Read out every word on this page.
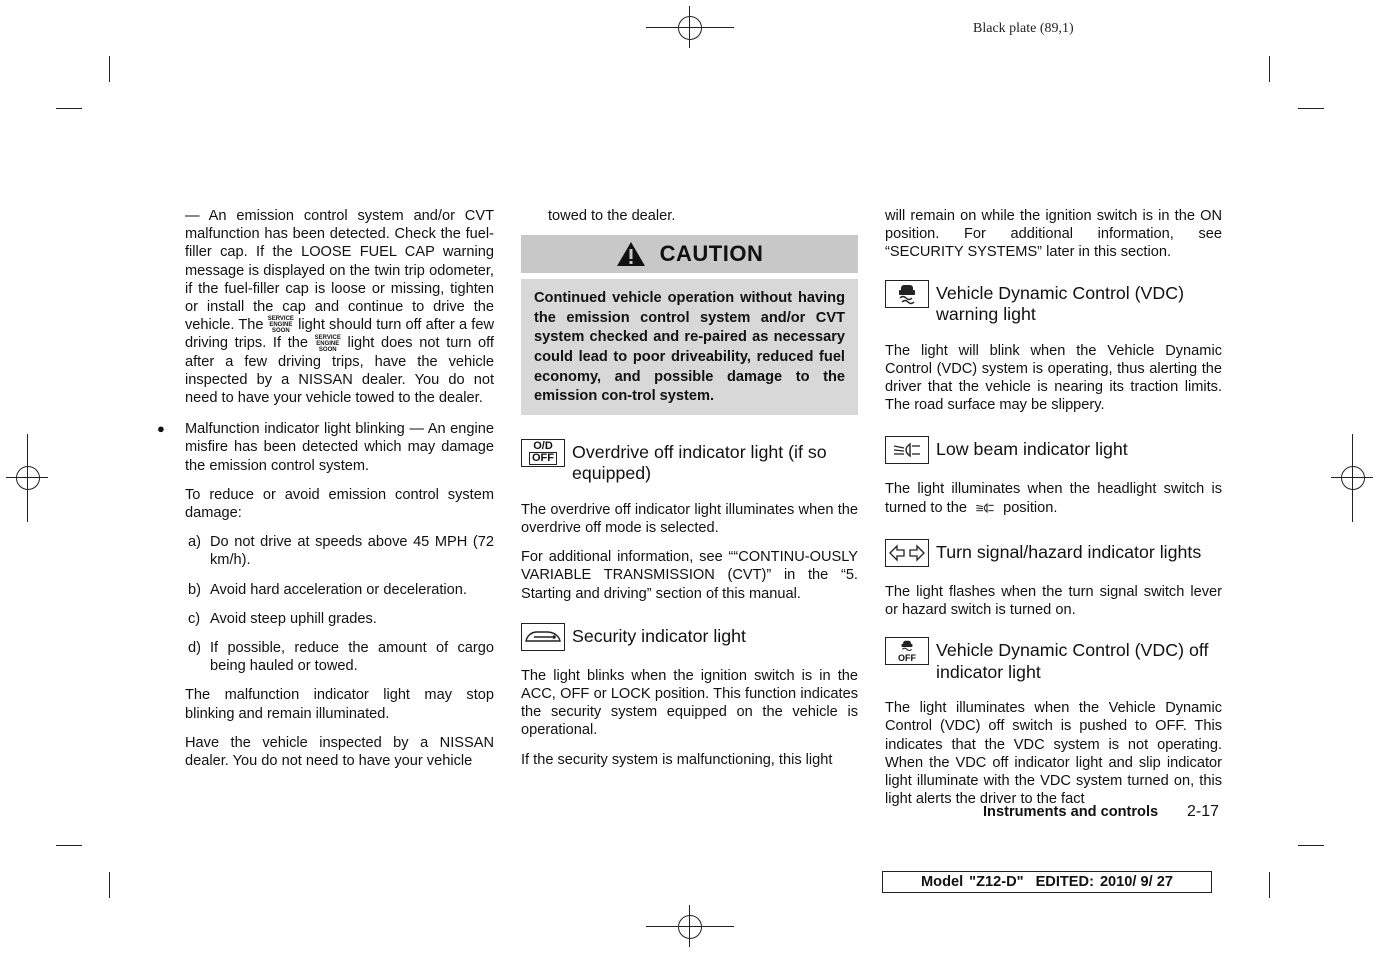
Black plate (89,1)

— An emission control system and/or CVT malfunction has been detected. Check the fuel-filler cap. If the LOOSE FUEL CAP warning message is displayed on the twin trip odometer, if the fuel-filler cap is loose or missing, tighten or install the cap and continue to drive the vehicle. The SERVICE
ENGINE
SOON light should turn off after a few driving trips. If the SERVICE
ENGINE
SOON light does not turn off after a few driving trips, have the vehicle inspected by a NISSAN dealer. You do not need to have your vehicle towed to the dealer.

● Malfunction indicator light blinking — An engine misfire has been detected which may damage the emission control system.

To reduce or avoid emission control system damage:

a) Do not drive at speeds above 45 MPH (72 km/h).
b) Avoid hard acceleration or deceleration.
c) Avoid steep uphill grades.
d) If possible, reduce the amount of cargo being hauled or towed.

The malfunction indicator light may stop blinking and remain illuminated.

Have the vehicle inspected by a NISSAN dealer. You do not need to have your vehicle

towed to the dealer.

CAUTION
Continued vehicle operation without having the emission control system and/or CVT system checked and re-paired as necessary could lead to poor driveability, reduced fuel economy, and possible damage to the emission con-trol system.
O/D
OFF Overdrive off indicator light (if so equipped)

The overdrive off indicator light illuminates when the overdrive off mode is selected.

For additional information, see ““CONTINU-OUSLY VARIABLE TRANSMISSION (CVT)” in the “5. Starting and driving” section of this manual.

Security indicator light

The light blinks when the ignition switch is in the ACC, OFF or LOCK position. This function indicates the security system equipped on the vehicle is operational.

If the security system is malfunctioning, this light

will remain on while the ignition switch is in the ON position. For additional information, see “SECURITY SYSTEMS” later in this section.

Vehicle Dynamic Control (VDC) warning light

The light will blink when the Vehicle Dynamic Control (VDC) system is operating, thus alerting the driver that the vehicle is nearing its traction limits. The road surface may be slippery.

Low beam indicator light

The light illuminates when the headlight switch is turned to the position.

Turn signal/hazard indicator lights

The light flashes when the turn signal switch lever or hazard switch is turned on.

OFF Vehicle Dynamic Control (VDC) off indicator light

The light illuminates when the Vehicle Dynamic Control (VDC) off switch is pushed to OFF. This indicates that the VDC system is not operating. When the VDC off indicator light and slip indicator light illuminate with the VDC system turned on, this light alerts the driver to the fact

Instruments and controls 2-17
Model "Z12-D" EDITED: 2010/ 9/ 27
